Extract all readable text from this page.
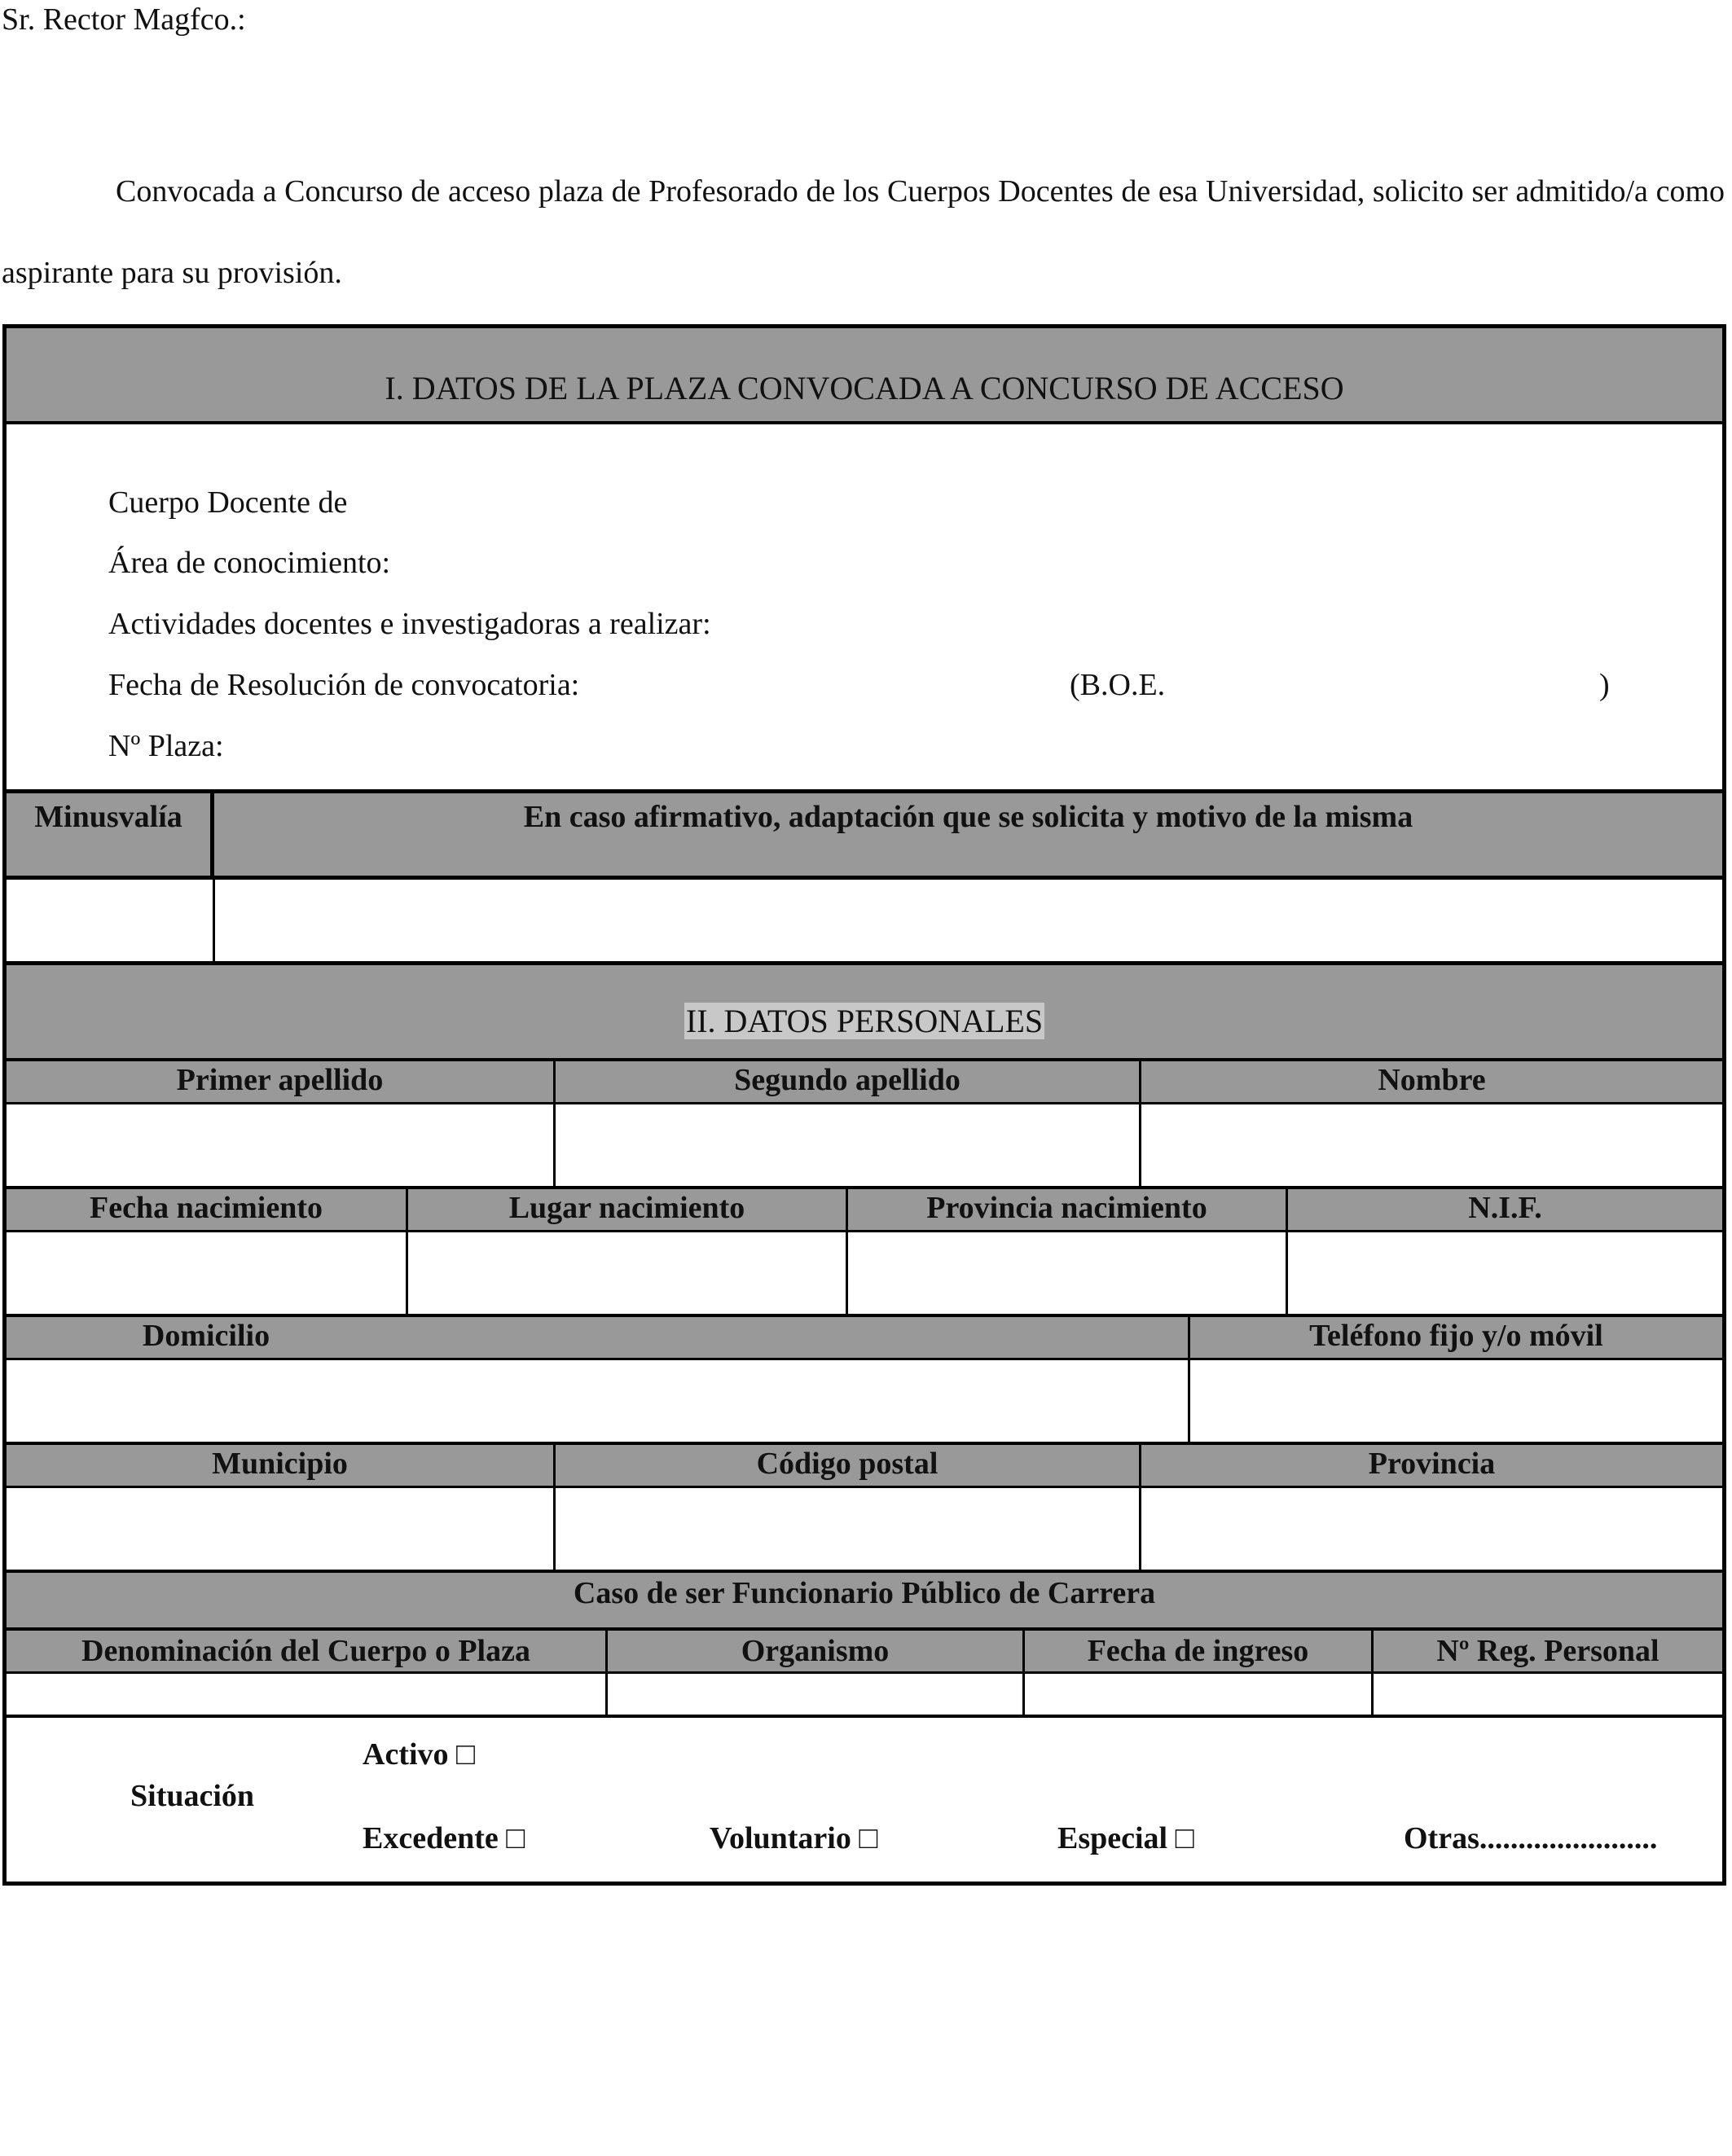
Sr. Rector Magfco.:
Convocada a Concurso de acceso plaza de Profesorado de los Cuerpos Docentes de esa Universidad, solicito ser admitido/a como aspirante para su provisión.
I. DATOS DE LA PLAZA CONVOCADA A CONCURSO DE ACCESO
Cuerpo Docente de
Área de conocimiento:
Actividades docentes e investigadoras a realizar:
Fecha de Resolución de convocatoria:	(B.O.E.	)
Nº Plaza:
Minusvalía	En caso afirmativo, adaptación que se solicita y motivo de la misma
II. DATOS PERSONALES
Primer apellido	Segundo apellido	Nombre
Fecha nacimiento	Lugar nacimiento	Provincia nacimiento	N.I.F.
Domicilio	Teléfono fijo y/o móvil
Municipio	Código postal	Provincia
Caso de ser Funcionario Público de Carrera
Denominación del Cuerpo o Plaza	Organismo	Fecha de ingreso	Nº Reg. Personal
Situación
Activo □
Excedente □	Voluntario □	Especial □	Otras.......................
